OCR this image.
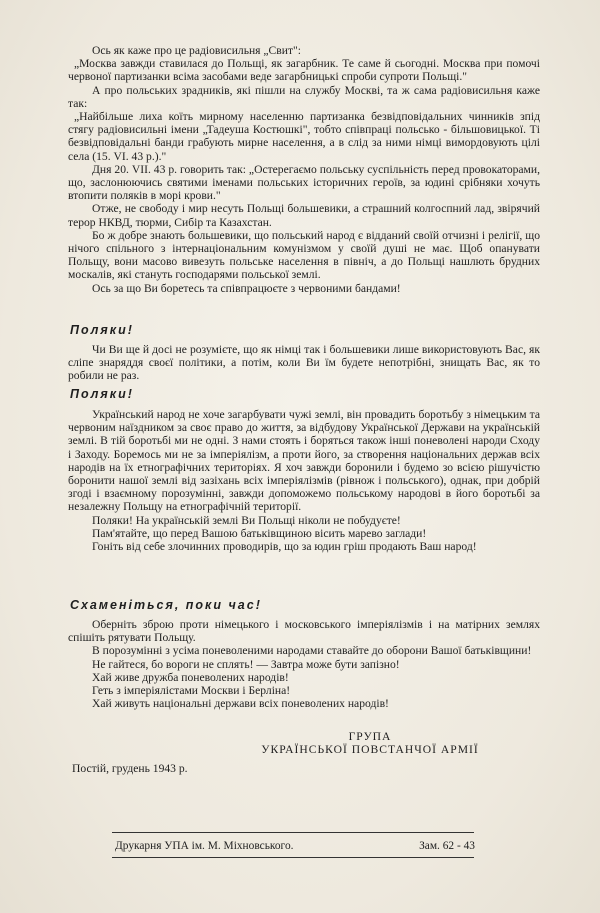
Ось як каже про це радіовисильня „Свит":

„Москва завжди ставилася до Польщі, як загарбник. Те саме й сьогодні. Москва при помочі червоної партизанки всіма засобами веде загарбницькі спроби супроти Польщі."

А про польських зрадників, які пішли на службу Москві, та ж сама радіовисильня каже так:

„Найбільше лиха коїть мирному населенню партизанка безвідповідальних чинників зпід стягу радіовисильні імени „Тадеуша Костюшкі", тобто співпраці польсько - більшовицької. Ті безвідповідальні банди грабують мирне населення, а в слід за ними німці вимордовують цілі села (15. VI. 43 р.)."

Дня 20. VII. 43 р. говорить так: „Остерегаємо польську суспільність перед провокаторами, що, заслонюючись святими іменами польських історичних героїв, за юдині срібняки хочуть втопити поляків в морі крови."

Отже, не свободу і мир несуть Польщі большевики, а страшний колгоспний лад, звірячий терор НКВД, тюрми, Сибір та Казахстан.

Бо ж добре знають большевики, що польський народ є відданий своїй отчизні і релігії, що нічого спільного з інтернаціональним комунізмом у своїй душі не має. Щоб опанувати Польщу, вони масово вивезуть польське населення в північ, а до Польщі нашлють брудних москалів, які стануть господарями польської землі.

Ось за що Ви боретесь та співпрацюєте з червоними бандами!

Поляки!

Чи Ви ще й досі не розумієте, що як німці так і большевики лише використовують Вас, як сліпе знаряддя своєї політики, а потім, коли Ви їм будете непотрібні, знищать Вас, як то робили не раз.

Поляки!

Український народ не хоче загарбувати чужі землі, він провадить боротьбу з німецьким та червоним наїздником за своє право до життя, за відбудову Української Держави на українській землі. В тій боротьбі ми не одні. З нами стоять і боряться також інші поневолені народи Сходу і Заходу. Боремось ми не за імперіялізм, а проти його, за створення національних держав всіх народів на їх етнографічних територіях. Я хоч завжди боронили і будемо зо всією рішучістю боронити нашої землі від зазіхань всіх імперіялізмів (рівнож і польського), однак, при добрій згоді і взаємному порозумінні, завжди допоможемо польському народові в його боротьбі за незалежну Польщу на етнографічній території.

Поляки! На українській землі Ви Польщі ніколи не побудуєте!

Пам'ятайте, що перед Вашою батьківщиною вісить марево заглади!

Гоніть від себе злочинних проводирів, що за юдин гріш продають Ваш народ!

Схаменіться, поки час!

Оберніть зброю проти німецького і московського імперіялізмів і на матірних землях спішіть рятувати Польщу.

В порозумінні з усіма поневоленими народами ставайте до оборони Вашої батьківщини!

Не гайтеся, бо вороги не сплять! — Завтра може бути запізно!

Хай живе дружба поневолених народів!

Геть з імперіялістами Москви і Берліна!

Хай живуть національні держави всіх поневолених народів!

ГРУПА
УКРАЇНСЬКОЇ ПОВСТАНЧОЇ АРМІЇ
Постій, грудень 1943 р.
Друкарня УПА ім. М. Міхновського.	Зам. 62 - 43
